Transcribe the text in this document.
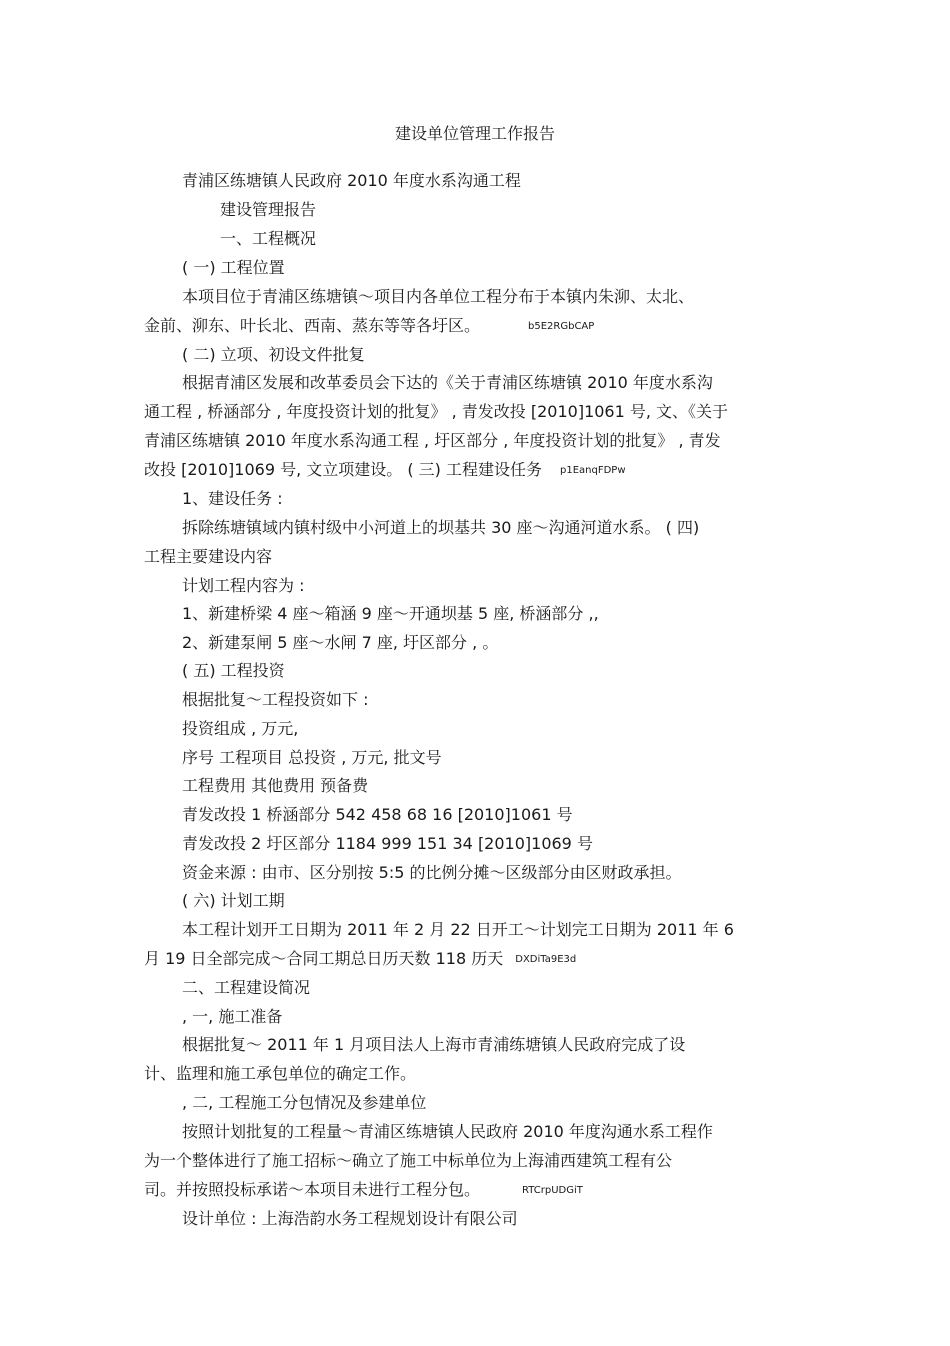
建设单位管理工作报告
青浦区练塘镇人民政府 2010 年度水系沟通工程
建设管理报告
一、工程概况
( 一) 工程位置
本项目位于青浦区练塘镇～项目内各单位工程分布于本镇内朱泖、太北、
金前、泖东、叶长北、西南、蒸东等等各圩区。	b5E2RGbCAP
( 二) 立项、初设文件批复
根据青浦区发展和改革委员会下达的《关于青浦区练塘镇 2010 年度水系沟
通工程 , 桥涵部分 , 年度投资计划的批复》 , 青发改投 [2010]1061 号, 文、《关于
青浦区练塘镇 2010 年度水系沟通工程 , 圩区部分 , 年度投资计划的批复》 , 青发
改投 [2010]1069 号, 文立项建设。 ( 三) 工程建设任务 p1EanqFDPw
1、建设任务 :
拆除练塘镇域内镇村级中小河道上的坝基共 30 座～沟通河道水系。 ( 四)
工程主要建设内容
计划工程内容为 :
1、新建桥梁 4 座～箱涵 9 座～开通坝基 5 座, 桥涵部分 ,,
2、新建泵闸 5 座～水闸 7 座, 圩区部分 , 。
( 五) 工程投资
根据批复～工程投资如下 :
投资组成 , 万元,
序号 工程项目 总投资 , 万元, 批文号
工程费用 其他费用 预备费
青发改投 1 桥涵部分 542 458 68 16 [2010]1061 号
青发改投 2 圩区部分 1184 999 151 34 [2010]1069 号
资金来源 : 由市、区分别按 5:5 的比例分摊～区级部分由区财政承担。
( 六) 计划工期
本工程计划开工日期为 2011 年 2 月 22 日开工～计划完工日期为 2011 年 6
月 19 日全部完成～合同工期总日历天数 118 历天 DXDiTa9E3d
二、工程建设简况
, 一, 施工准备
根据批复～ 2011 年 1 月项目法人上海市青浦练塘镇人民政府完成了设
计、监理和施工承包单位的确定工作。
, 二, 工程施工分包情况及参建单位
按照计划批复的工程量～青浦区练塘镇人民政府 2010 年度沟通水系工程作
为一个整体进行了施工招标～确立了施工中标单位为上海浦西建筑工程有公
司。并按照投标承诺～本项目未进行工程分包。	RTCrpUDGiT
设计单位 : 上海浩韵水务工程规划设计有限公司
